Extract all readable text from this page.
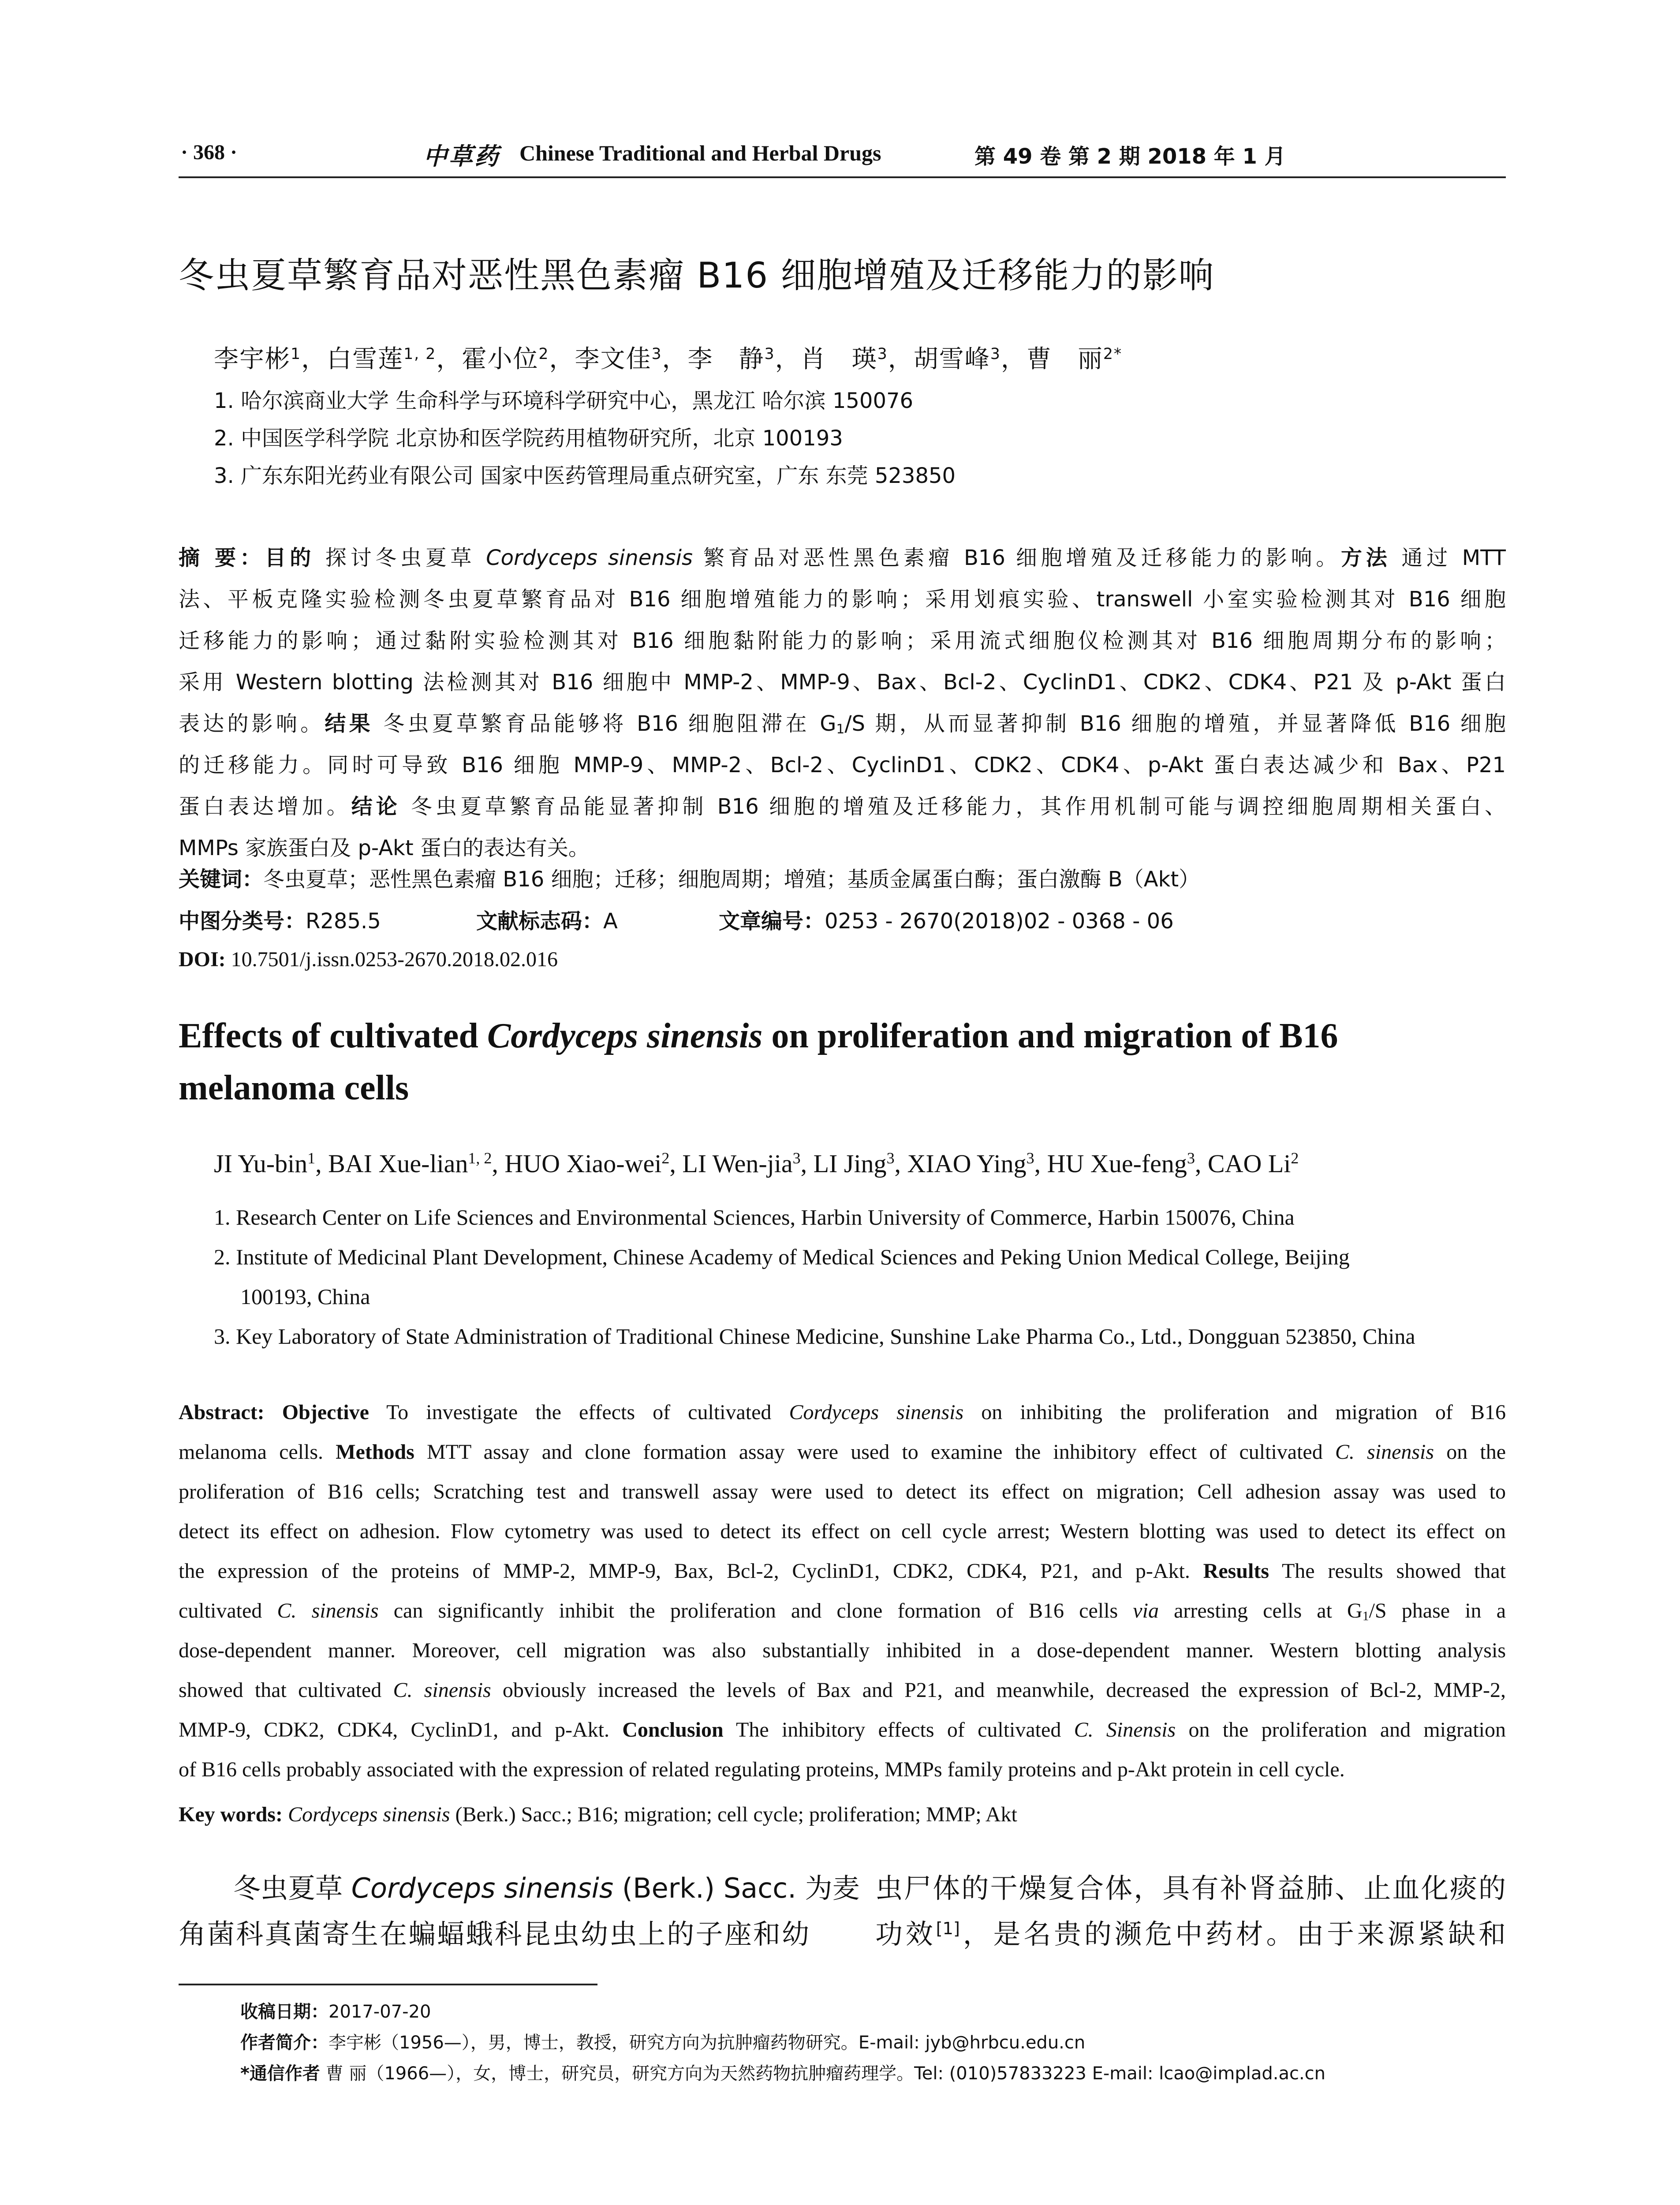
· 368 ·	中草药 Chinese Traditional and Herbal Drugs	第 49 卷 第 2 期 2018 年 1 月
冬虫夏草繁育品对恶性黑色素瘤 B16 细胞增殖及迁移能力的影响
李宇彬$^1$，白雪莲$^{1, 2}$，霍小位$^2$，李文佳$^3$，李　静$^3$，肖　瑛$^3$，胡雪峰$^3$，曹　丽$^{2*}$
1. 哈尔滨商业大学 生命科学与环境科学研究中心，黑龙江 哈尔滨 150076
2. 中国医学科学院 北京协和医学院药用植物研究所，北京 100193
3. 广东东阳光药业有限公司 国家中医药管理局重点研究室，广东 东莞 523850
摘 要：目的 探讨冬虫夏草 Cordyceps sinensis 繁育品对恶性黑色素瘤 B16 细胞增殖及迁移能力的影响。方法 通过 MTT
法、平板克隆实验检测冬虫夏草繁育品对 B16 细胞增殖能力的影响；采用划痕实验、transwell 小室实验检测其对 B16 细胞
迁移能力的影响；通过黏附实验检测其对 B16 细胞黏附能力的影响；采用流式细胞仪检测其对 B16 细胞周期分布的影响；
采用 Western blotting 法检测其对 B16 细胞中 MMP-2、MMP-9、Bax、Bcl-2、CyclinD1、CDK2、CDK4、P21 及 p-Akt 蛋白
表达的影响。结果 冬虫夏草繁育品能够将 B16 细胞阻滞在 $G_1/S$ 期，从而显著抑制 B16 细胞的增殖，并显著降低 B16 细胞
的迁移能力。同时可导致 B16 细胞 MMP-9、MMP-2、Bcl-2、CyclinD1、CDK2、CDK4、p-Akt 蛋白表达减少和 Bax、P21
蛋白表达增加。结论 冬虫夏草繁育品能显著抑制 B16 细胞的增殖及迁移能力，其作用机制可能与调控细胞周期相关蛋白、
MMPs 家族蛋白及 p-Akt 蛋白的表达有关。
关键词：冬虫夏草；恶性黑色素瘤 B16 细胞；迁移；细胞周期；增殖；基质金属蛋白酶；蛋白激酶 B（Akt）
中图分类号：R285.5	文献标志码：A	文章编号：0253 - 2670(2018)02 - 0368 - 06
DOI: 10.7501/j.issn.0253-2670.2018.02.016
Effects of cultivated Cordyceps sinensis on proliferation and migration of B16
melanoma cells
JI Yu-bin$^1$, BAI Xue-lian$^{1, 2}$, HUO Xiao-wei$^2$, LI Wen-jia$^3$, LI Jing$^3$, XIAO Ying$^3$, HU Xue-feng$^3$, CAO Li$^2$
1. Research Center on Life Sciences and Environmental Sciences, Harbin University of Commerce, Harbin 150076, China
2. Institute of Medicinal Plant Development, Chinese Academy of Medical Sciences and Peking Union Medical College, Beijing
100193, China
3. Key Laboratory of State Administration of Traditional Chinese Medicine, Sunshine Lake Pharma Co., Ltd., Dongguan 523850, China
Abstract: Objective To investigate the effects of cultivated Cordyceps sinensis on inhibiting the proliferation and migration of B16
melanoma cells. Methods MTT assay and clone formation assay were used to examine the inhibitory effect of cultivated C. sinensis on the
proliferation of B16 cells; Scratching test and transwell assay were used to detect its effect on migration; Cell adhesion assay was used to
detect its effect on adhesion. Flow cytometry was used to detect its effect on cell cycle arrest; Western blotting was used to detect its effect on
the expression of the proteins of MMP-2, MMP-9, Bax, Bcl-2, CyclinD1, CDK2, CDK4, P21, and p-Akt. Results The results showed that
cultivated C. sinensis can significantly inhibit the proliferation and clone formation of B16 cells via arresting cells at $G_1/S$ phase in a
dose-dependent manner. Moreover, cell migration was also substantially inhibited in a dose-dependent manner. Western blotting analysis
showed that cultivated C. sinensis obviously increased the levels of Bax and P21, and meanwhile, decreased the expression of Bcl-2, MMP-2,
MMP-9, CDK2, CDK4, CyclinD1, and p-Akt. Conclusion The inhibitory effects of cultivated C. Sinensis on the proliferation and migration
of B16 cells probably associated with the expression of related regulating proteins, MMPs family proteins and p-Akt protein in cell cycle.
Key words: Cordyceps sinensis (Berk.) Sacc.; B16; migration; cell cycle; proliferation; MMP; Akt
冬虫夏草 Cordyceps sinensis (Berk.) Sacc. 为麦
角菌科真菌寄生在蝙蝠蛾科昆虫幼虫上的子座和幼
虫尸体的干燥复合体，具有补肾益肺、止血化痰的
功效[1]，是名贵的濒危中药材。由于来源紧缺和
收稿日期：2017-07-20
作者简介：李宇彬（1956—），男，博士，教授，研究方向为抗肿瘤药物研究。E-mail: jyb@hrbcu.edu.cn
*通信作者 曹 丽（1966—），女，博士，研究员，研究方向为天然药物抗肿瘤药理学。Tel: (010)57833223 E-mail: lcao@implad.ac.cn
